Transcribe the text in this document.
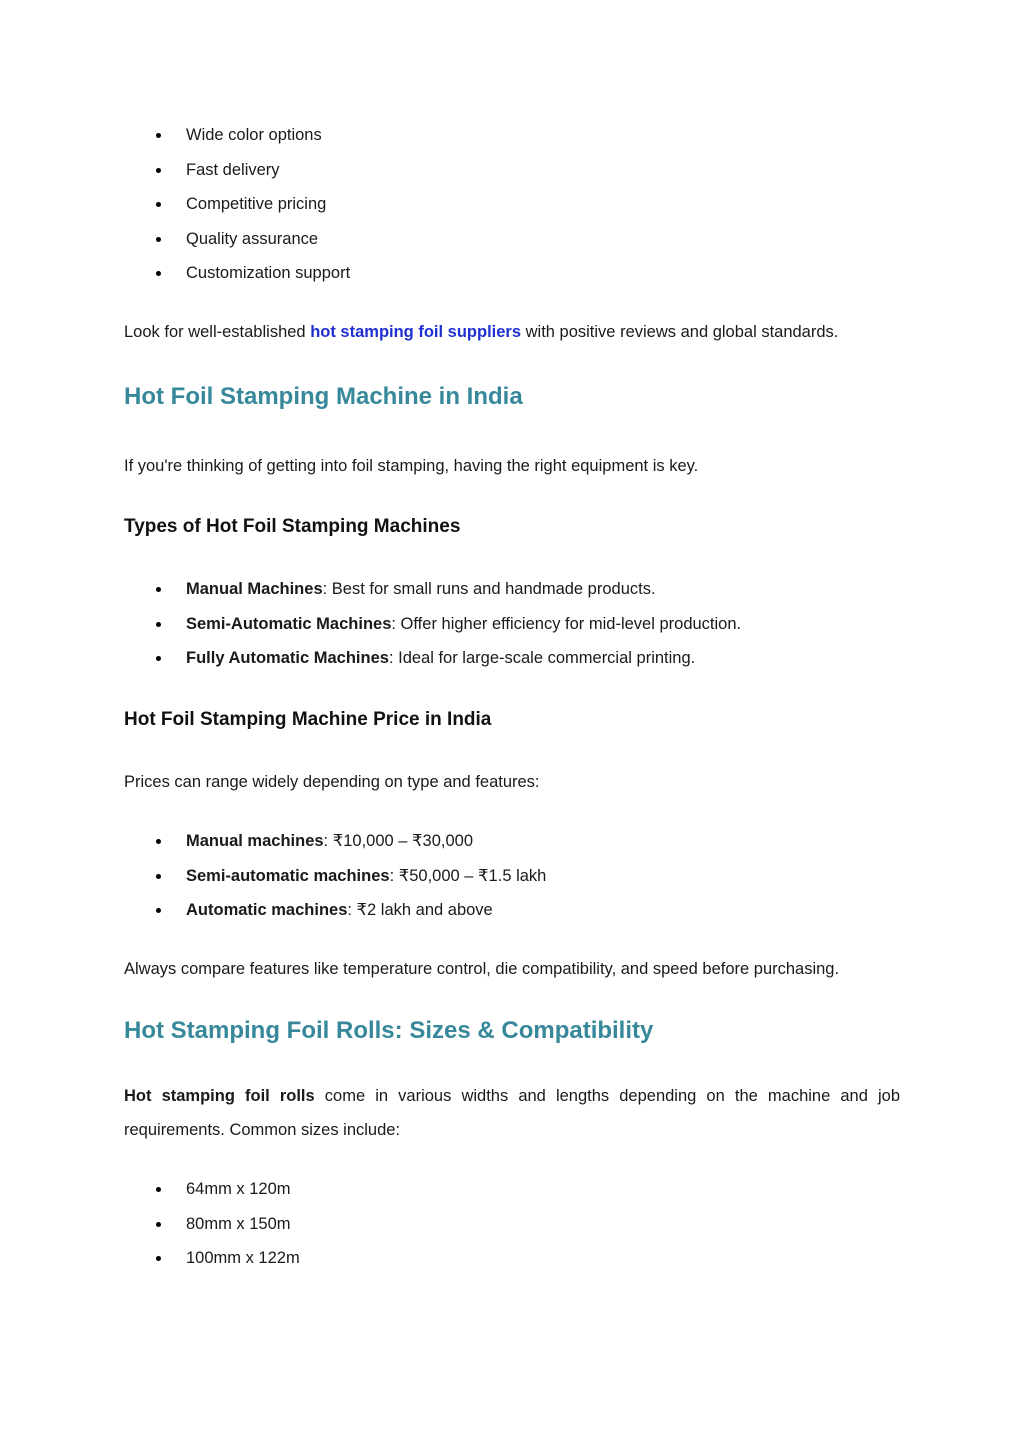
Wide color options
Fast delivery
Competitive pricing
Quality assurance
Customization support

Look for well-established hot stamping foil suppliers with positive reviews and global standards.

Hot Foil Stamping Machine in India

If you're thinking of getting into foil stamping, having the right equipment is key.

Types of Hot Foil Stamping Machines
Manual Machines: Best for small runs and handmade products.
Semi-Automatic Machines: Offer higher efficiency for mid-level production.
Fully Automatic Machines: Ideal for large-scale commercial printing.
Hot Foil Stamping Machine Price in India

Prices can range widely depending on type and features:

Manual machines: ₹10,000 – ₹30,000
Semi-automatic machines: ₹50,000 – ₹1.5 lakh
Automatic machines: ₹2 lakh and above

Always compare features like temperature control, die compatibility, and speed before purchasing.

Hot Stamping Foil Rolls: Sizes & Compatibility

Hot stamping foil rolls come in various widths and lengths depending on the machine and job requirements. Common sizes include:

64mm x 120m
80mm x 150m
100mm x 122m
